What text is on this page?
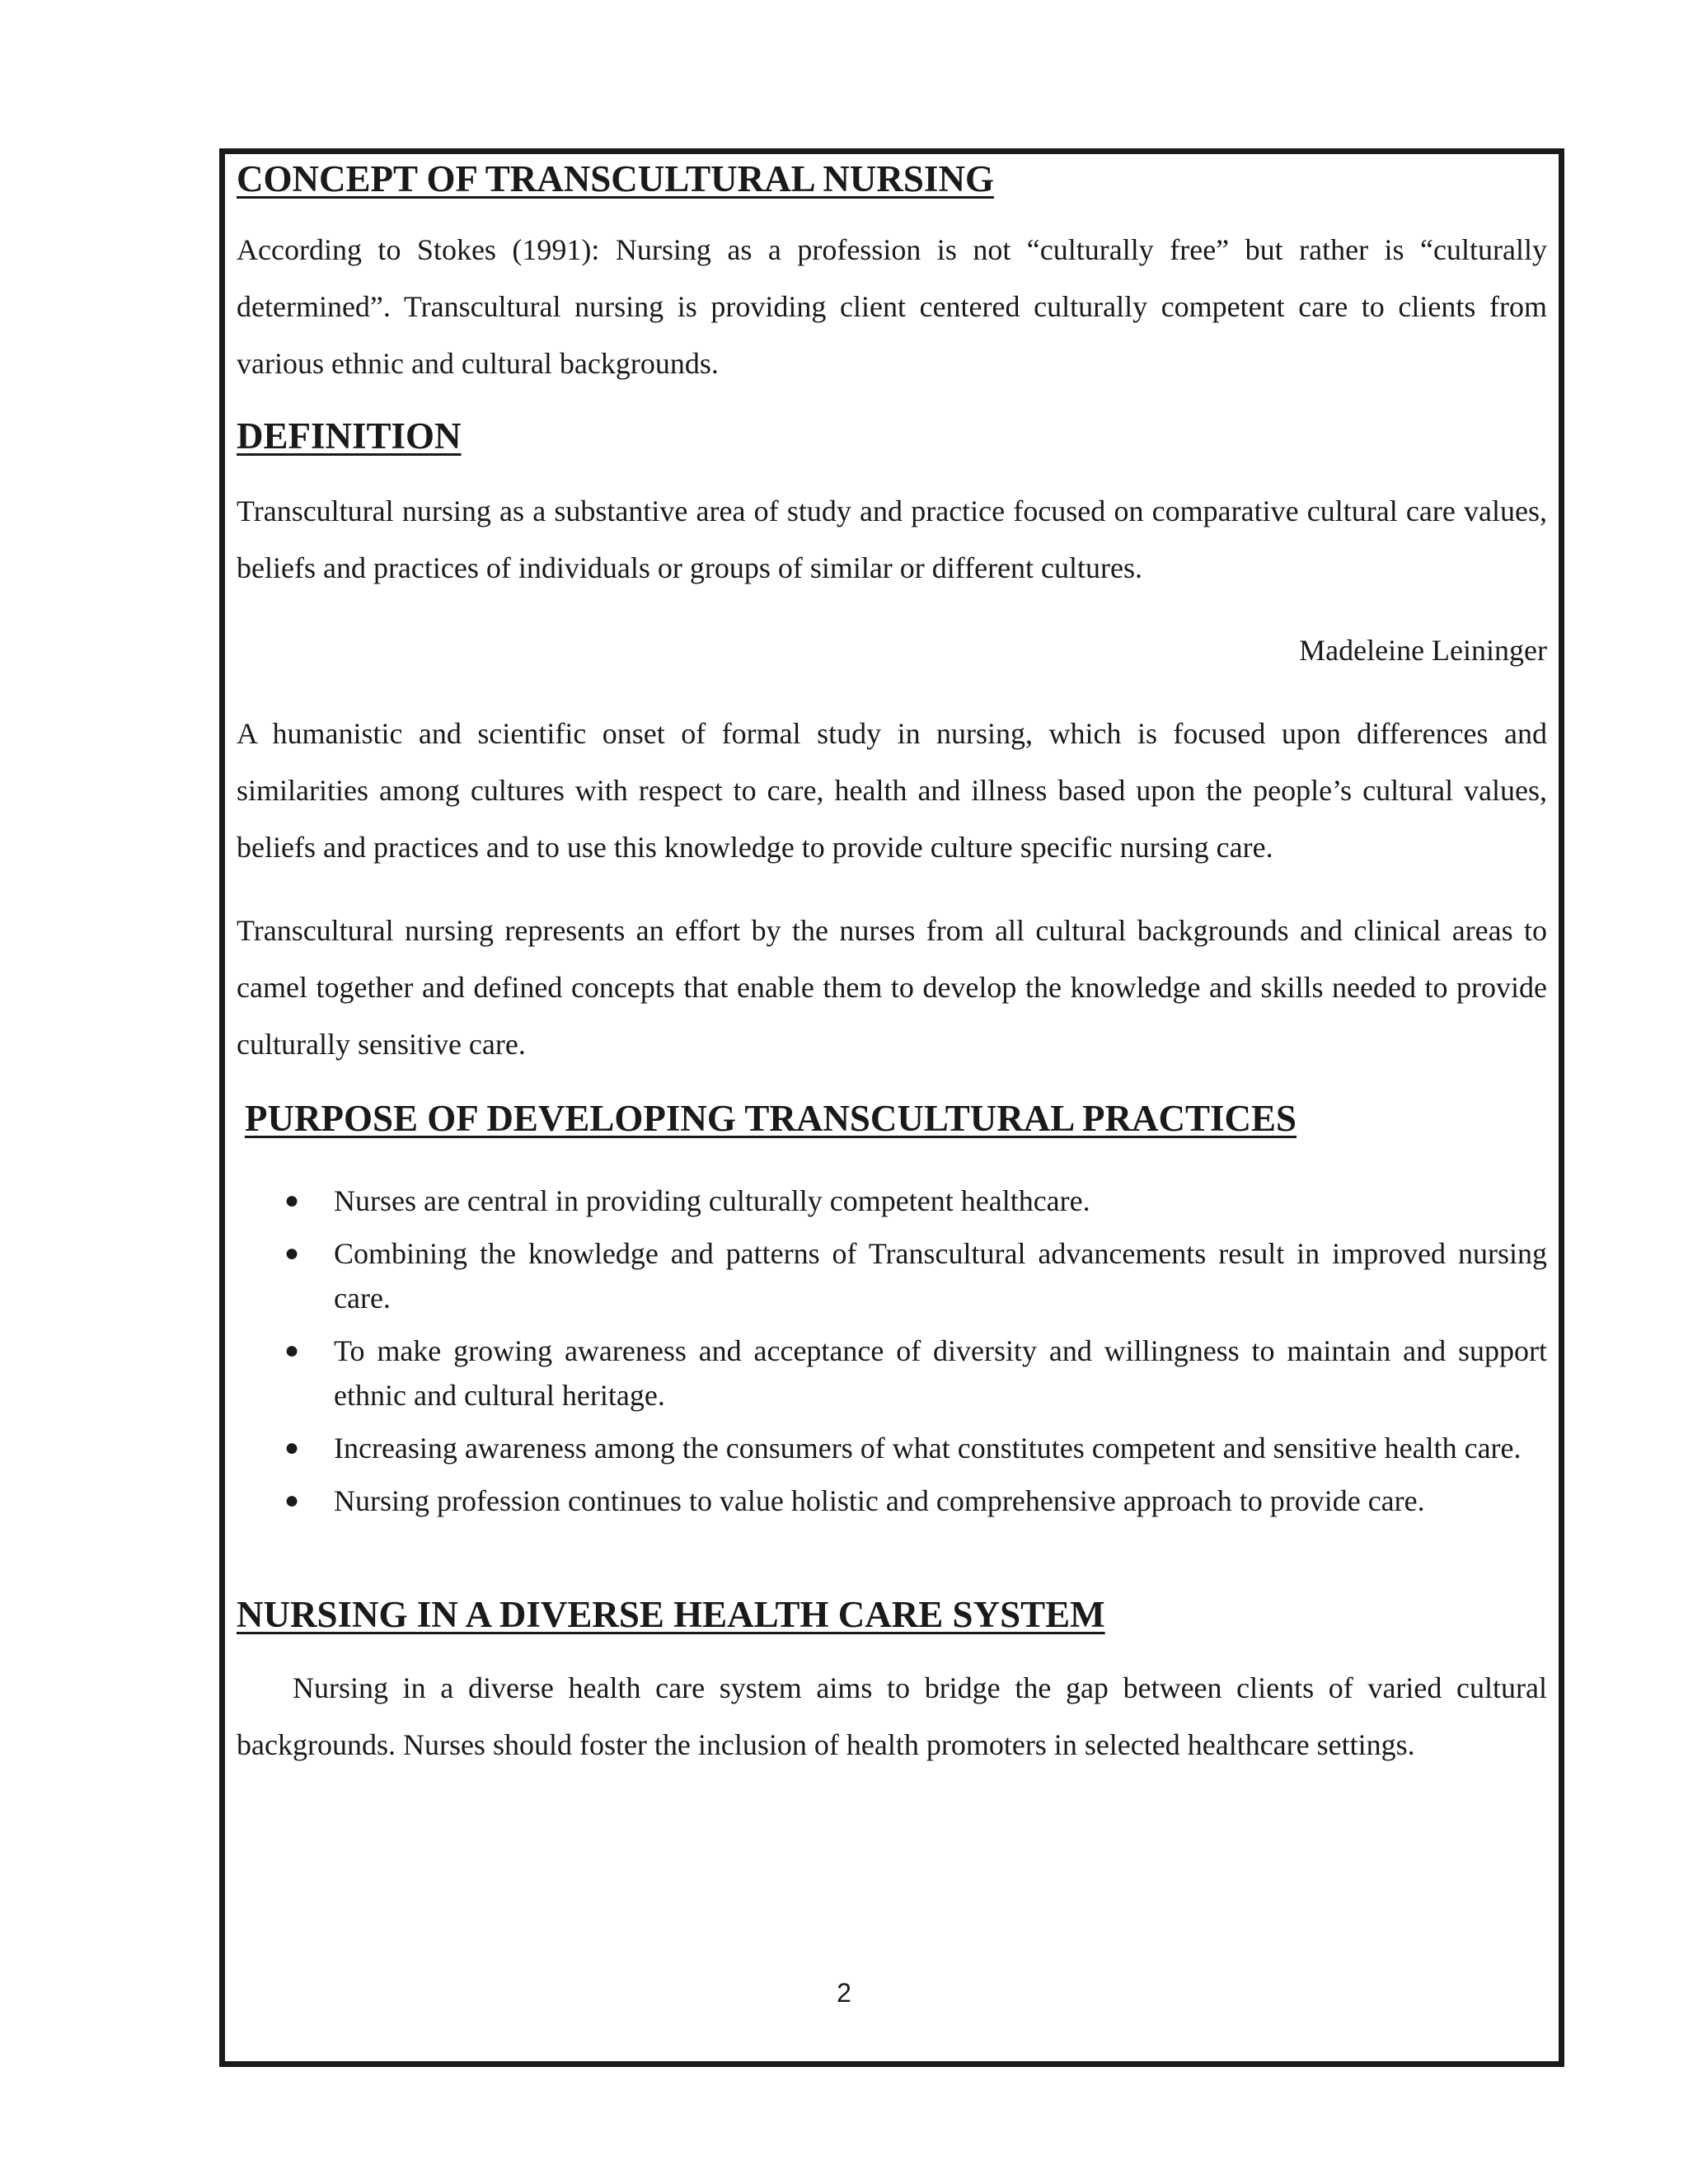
CONCEPT OF TRANSCULTURAL NURSING

According to Stokes (1991): Nursing as a profession is not “culturally free” but rather is “culturally determined”. Transcultural nursing is providing client centered culturally competent care to clients from various ethnic and cultural backgrounds.

DEFINITION

Transcultural nursing as a substantive area of study and practice focused on comparative cultural care values, beliefs and practices of individuals or groups of similar or different cultures.

Madeleine Leininger

A humanistic and scientific onset of formal study in nursing, which is focused upon differences and similarities among cultures with respect to care, health and illness based upon the people’s cultural values, beliefs and practices and to use this knowledge to provide culture specific nursing care.

Transcultural nursing represents an effort by the nurses from all cultural backgrounds and clinical areas to camel together and defined concepts that enable them to develop the knowledge and skills needed to provide culturally sensitive care.

PURPOSE OF DEVELOPING TRANSCULTURAL PRACTICES
● Nurses are central in providing culturally competent healthcare.
● Combining the knowledge and patterns of Transcultural advancements result in improved nursing care.
● To make growing awareness and acceptance of diversity and willingness to maintain and support ethnic and cultural heritage.
● Increasing awareness among the consumers of what constitutes competent and sensitive health care.
● Nursing profession continues to value holistic and comprehensive approach to provide care.
NURSING IN A DIVERSE HEALTH CARE SYSTEM

Nursing in a diverse health care system aims to bridge the gap between clients of varied cultural backgrounds. Nurses should foster the inclusion of health promoters in selected healthcare settings.

2
